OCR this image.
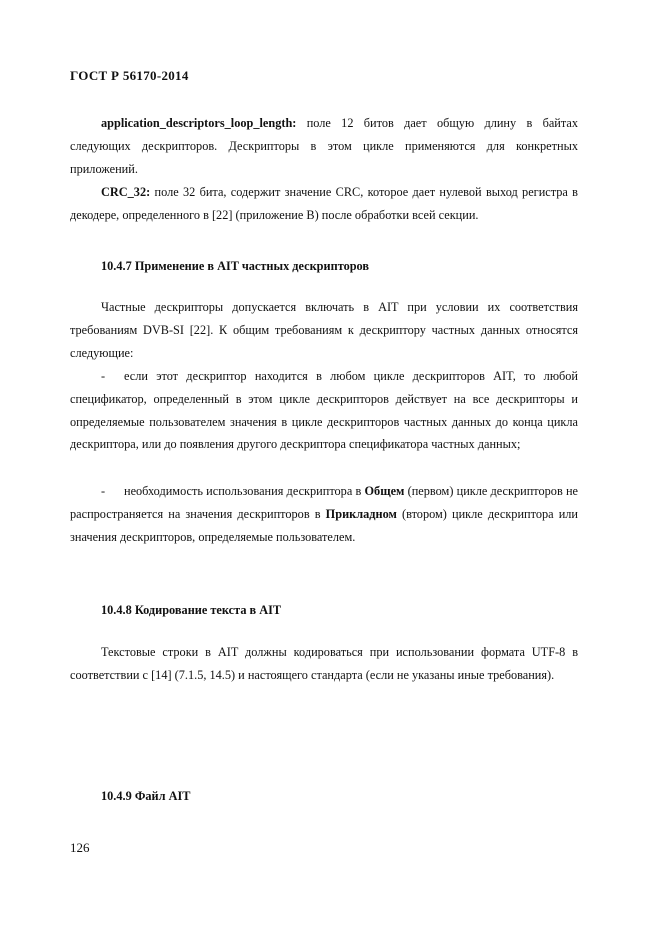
ГОСТ Р 56170-2014
application_descriptors_loop_length: поле 12 битов дает общую длину в байтах следующих дескрипторов. Дескрипторы в этом цикле применяются для конкретных приложений.
CRC_32: поле 32 бита, содержит значение CRC, которое дает нулевой выход регистра в декодере, определенного в [22] (приложение В) после обработки всей секции.
10.4.7 Применение в AIT частных дескрипторов
Частные дескрипторы допускается включать в AIT при условии их соответствия требованиям DVB-SI [22]. К общим требованиям к дескриптору частных данных относятся следующие:
- если этот дескриптор находится в любом цикле дескрипторов AIT, то любой спецификатор, определенный в этом цикле дескрипторов действует на все дескрипторы и определяемые пользователем значения в цикле дескрипторов частных данных до конца цикла дескриптора, или до появления другого дескриптора спецификатора частных данных;
- необходимость использования дескриптора в Общем (первом) цикле дескрипторов не распространяется на значения дескрипторов в Прикладном (втором) цикле дескриптора или значения дескрипторов, определяемые пользователем.
10.4.8 Кодирование текста в AIT
Текстовые строки в AIT должны кодироваться при использовании формата UTF-8 в соответствии с [14] (7.1.5, 14.5) и настоящего стандарта (если не указаны иные требования).
10.4.9 Файл AIT
126
